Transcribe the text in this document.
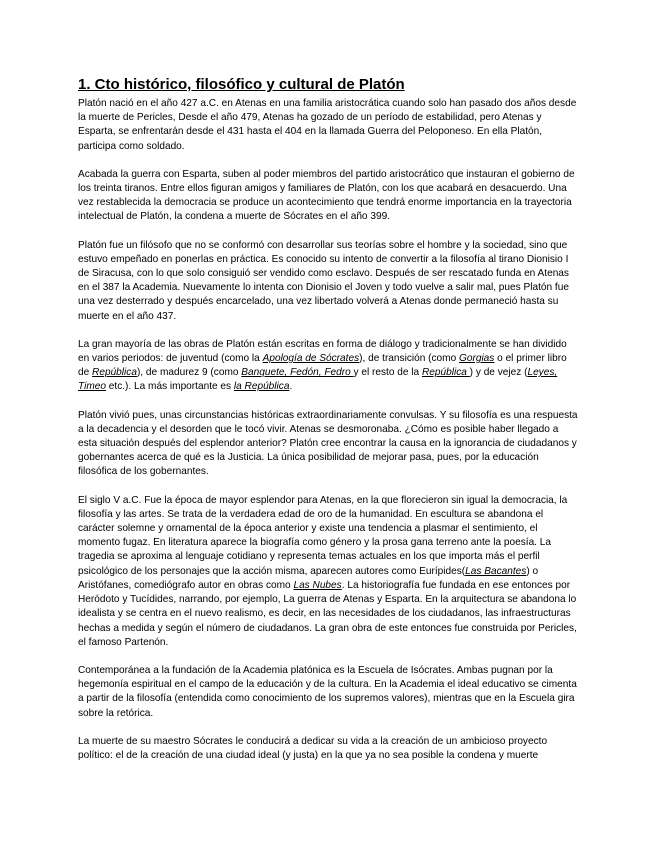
1. Cto histórico, filosófico y cultural de Platón

Platón nació en el año 427 a.C. en Atenas en una familia aristocrática cuando solo han pasado dos años desde la muerte de Pericles, Desde el año 479, Atenas ha gozado de un período de estabilidad, pero Atenas y Esparta, se enfrentarán desde el 431 hasta el 404 en la llamada Guerra del Peloponeso. En ella Platón, participa como soldado.

Acabada la guerra con Esparta, suben al poder miembros del partido aristocrático que instauran el gobierno de los treinta tiranos. Entre ellos figuran amigos y familiares de Platón, con los que acabará en desacuerdo. Una vez restablecida la democracia se produce un acontecimiento que tendrá enorme importancia en la trayectoria intelectual de Platón, la condena a muerte de Sócrates en el año 399.

Platón fue un filósofo que no se conformó con desarrollar sus teorías sobre el hombre y la sociedad, sino que estuvo empeñado en ponerlas en práctica. Es conocido su intento de convertir a la filosofía al tirano Dionisio I de Siracusa, con lo que solo consiguió ser vendido como esclavo. Después de ser rescatado funda en Atenas en el 387 la Academia. Nuevamente lo intenta con Dionisio el Joven y todo vuelve a salir mal, pues Platón fue una vez desterrado y después encarcelado, una vez libertado volverá a Atenas donde permaneció hasta su muerte en el año 437.

La gran mayoría de las obras de Platón están escritas en forma de diálogo y tradicionalmente se han dividido en varios periodos: de juventud (como la Apología de Sócrates), de transición (como Gorgias o el primer libro de República), de madurez 9 (como Banquete, Fedón, Fedro y el resto de la República ) y de vejez (Leyes, Timeo etc.). La más importante es la República.

Platón vivió pues, unas circunstancias históricas extraordinariamente convulsas. Y su filosofía es una respuesta a la decadencia y el desorden que le tocó vivir. Atenas se desmoronaba. ¿Cómo es posible haber llegado a esta situación después del esplendor anterior? Platón cree encontrar la causa en la ignorancia de ciudadanos y gobernantes acerca de qué es la Justicia. La única posibilidad de mejorar pasa, pues, por la educación filosófica de los gobernantes.

El siglo V a.C. Fue la época de mayor esplendor para Atenas, en la que florecieron sin igual la democracia, la filosofía y las artes. Se trata de la verdadera edad de oro de la humanidad. En escultura se abandona el carácter solemne y ornamental de la época anterior y existe una tendencia a plasmar el sentimiento, el momento fugaz. En literatura aparece la biografía como género y la prosa gana terreno ante la poesía. La tragedia se aproxima al lenguaje cotidiano y representa temas actuales en los que importa más el perfil psicológico de los personajes que la acción misma, aparecen autores como Eurípides(Las Bacantes) o Aristófanes, comediógrafo autor en obras como Las Nubes. La historiografía fue fundada en ese entonces por Heródoto y Tucídides, narrando, por ejemplo, La guerra de Atenas y Esparta. En la arquitectura se abandona lo idealista y se centra en el nuevo realismo, es decir, en las necesidades de los ciudadanos, las infraestructuras hechas a medida y según el número de ciudadanos. La gran obra de este entonces fue construida por Pericles, el famoso Partenón.

Contemporánea a la fundación de la Academia platónica es la Escuela de Isócrates. Ambas pugnan por la hegemonía espiritual en el campo de la educación y de la cultura. En la Academia el ideal educativo se cimenta a partir de la filosofía (entendida como conocimiento de los supremos valores), mientras que en la Escuela gira sobre la retórica.

La muerte de su maestro Sócrates le conducirá a dedicar su vida a la creación de un ambicioso proyecto político: el de la creación de una ciudad ideal (y justa) en la que ya no sea posible la condena y muerte
